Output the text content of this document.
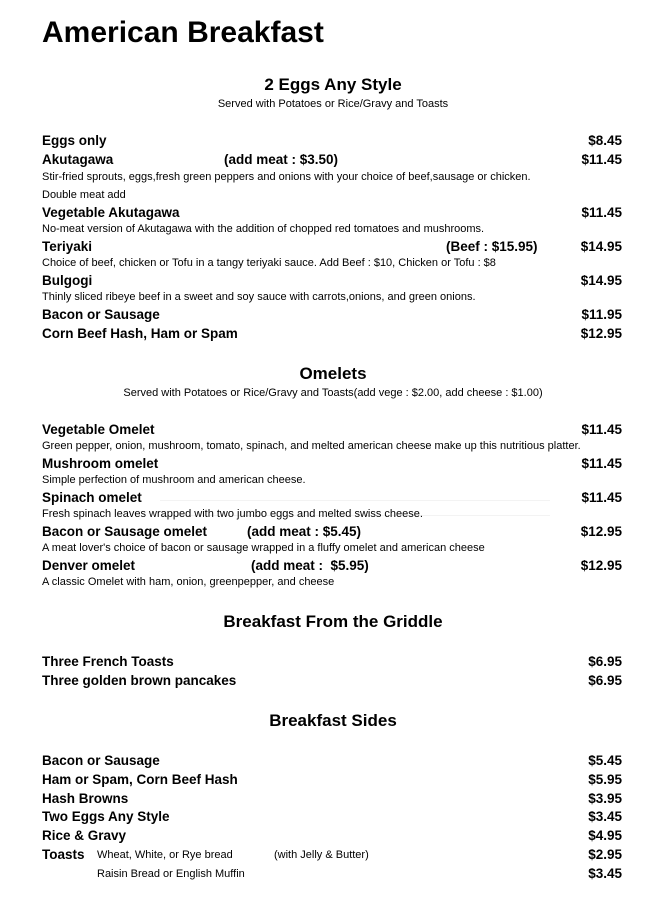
American Breakfast
2 Eggs Any Style
Served with Potatoes or Rice/Gravy and Toasts
Eggs only	$8.45
Akutagawa	(add meat : $3.50)	$11.45
Stir-fried sprouts, eggs,fresh green peppers and onions with your choice of beef,sausage or chicken.
Double meat add
Vegetable Akutagawa	$11.45
No-meat version of Akutagawa with the addition of chopped red tomatoes and mushrooms.
Teriyaki	(Beef : $15.95)	$14.95
Choice of beef, chicken or Tofu in a tangy teriyaki sauce. Add Beef : $10, Chicken or Tofu : $8
Bulgogi	$14.95
Thinly sliced ribeye beef in a sweet and soy sauce with carrots,onions, and green onions.
Bacon or Sausage	$11.95
Corn Beef Hash, Ham or Spam	$12.95
Omelets
Served with Potatoes or Rice/Gravy and Toasts(add vege : $2.00, add cheese : $1.00)
Vegetable Omelet	$11.45
Green pepper, onion, mushroom, tomato, spinach, and melted american cheese make up this nutritious platter.
Mushroom omelet	$11.45
Simple perfection of mushroom and american cheese.
Spinach omelet	$11.45
Fresh spinach leaves wrapped with two jumbo eggs and melted swiss cheese.
Bacon or Sausage omelet	(add meat : $5.45)	$12.95
A meat lover's choice of bacon or sausage wrapped in a fluffy omelet and american cheese
Denver omelet	(add meat :  $5.95)	$12.95
A classic Omelet with ham, onion, greenpepper, and cheese
Breakfast From the Griddle
Three French Toasts	$6.95
Three golden brown pancakes	$6.95
Breakfast Sides
Bacon or Sausage	$5.45
Ham or Spam, Corn Beef Hash	$5.95
Hash Browns	$3.95
Two Eggs Any Style	$3.45
Rice & Gravy	$4.95
Toasts Wheat, White, or Rye bread	(with Jelly & Butter)	$2.95
Raisin Bread or English Muffin	$3.45
